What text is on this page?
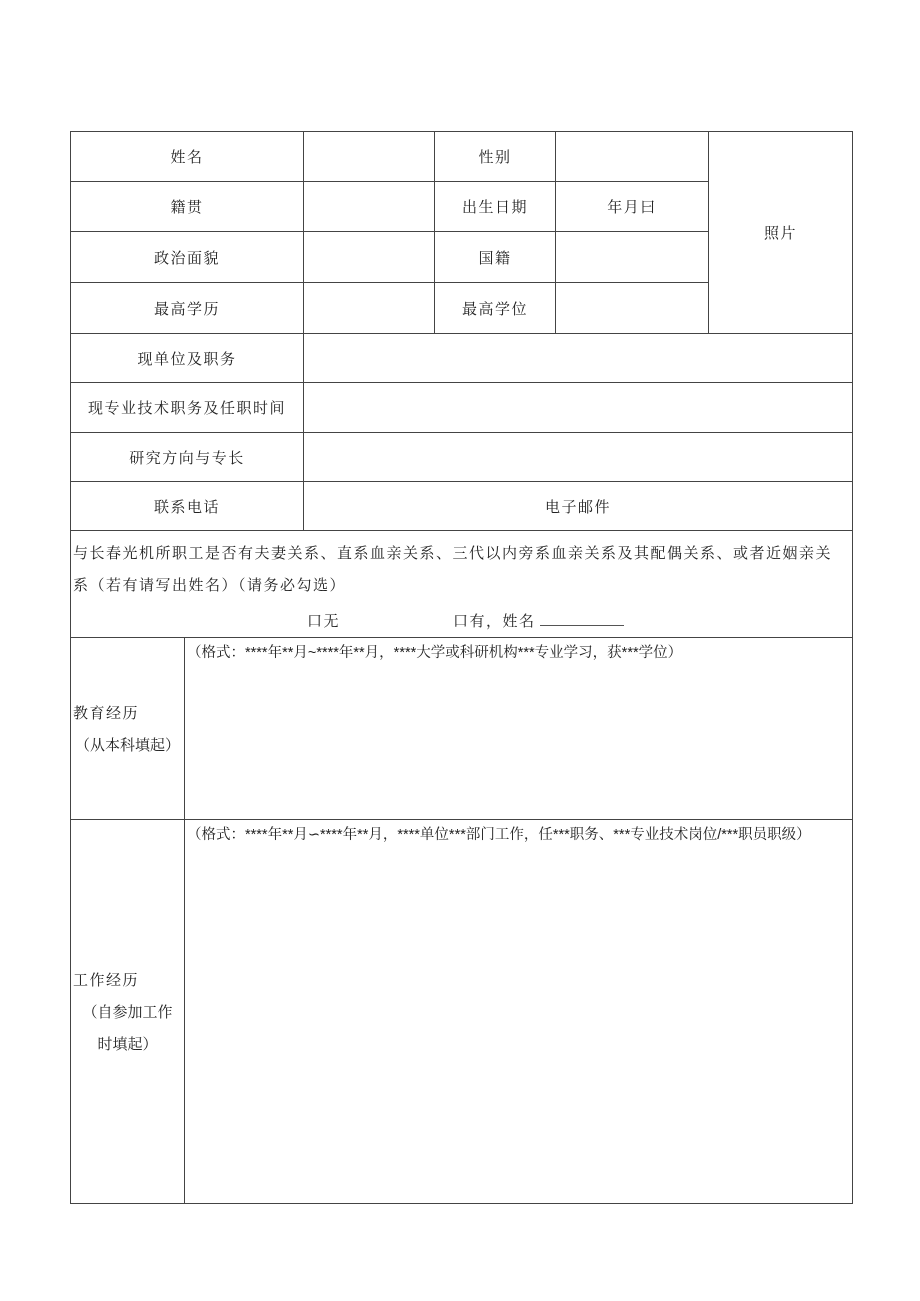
姓名			性别		照片
籍贯			出生日期	年月曰	
政治面貌			国籍		
最高学历			最高学位		
现单位及职务					
现专业技术职务及任职时间					
研究方向与专长					
联系电话		电子邮件			

与长春光机所职工是否有夫妻关系、直系血亲关系、三代以内旁系血亲关系及其配偶关系、或者近姻亲关系（若有请写出姓名）（请务必勾选）
口无 口有，姓名					

教育经历
（从本科填起）	（格式：****年**月~****年**月，****大学或科研机构***专业学习，获***学位）				

工作经历
（自参加工作
时填起）	（格式：****年**月∽****年**月，****单位***部门工作，任***职务、***专业技术岗位/***职员职级）				
